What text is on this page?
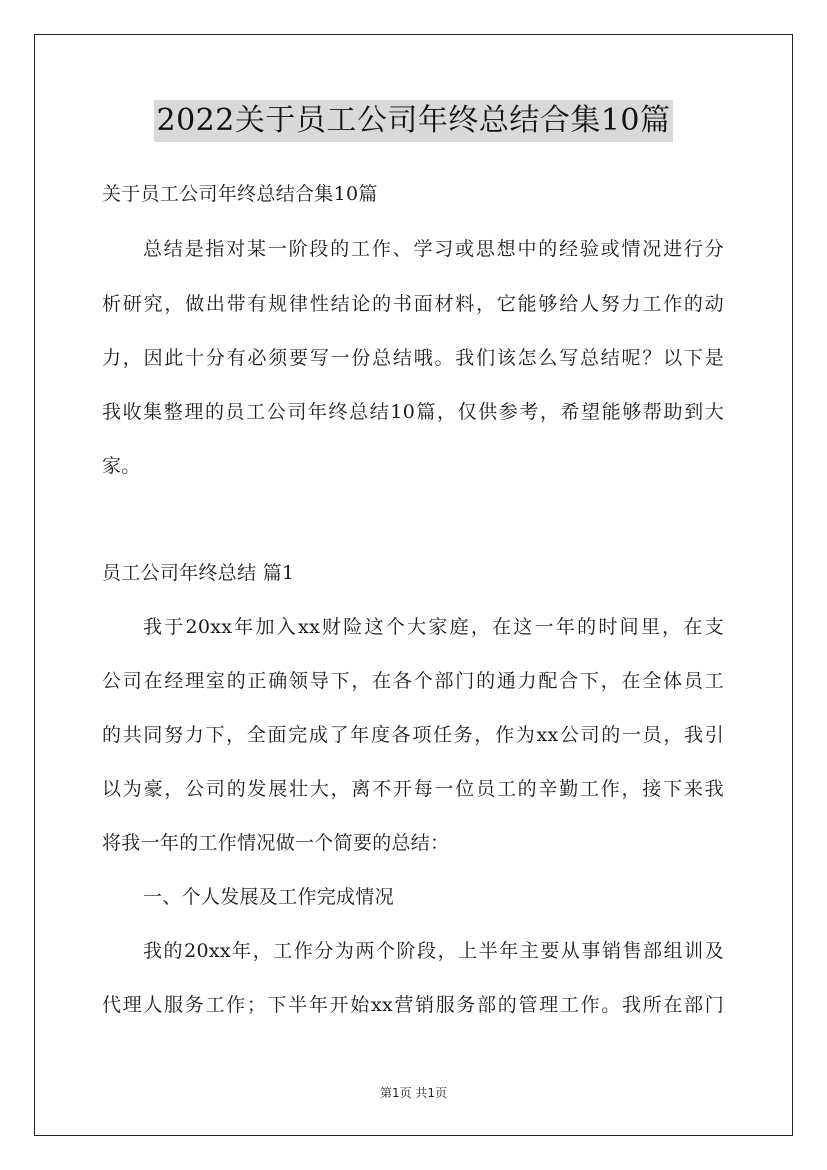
2022关于员工公司年终总结合集10篇
关于员工公司年终总结合集10篇
总结是指对某一阶段的工作、学习或思想中的经验或情况进行分
析研究，做出带有规律性结论的书面材料，它能够给人努力工作的动
力，因此十分有必须要写一份总结哦。我们该怎么写总结呢？以下是
我收集整理的员工公司年终总结10篇，仅供参考，希望能够帮助到大
家。
员工公司年终总结 篇1
我于20xx年加入xx财险这个大家庭，在这一年的时间里，在支
公司在经理室的正确领导下，在各个部门的通力配合下，在全体员工
的共同努力下，全面完成了年度各项任务，作为xx公司的一员，我引
以为豪，公司的发展壮大，离不开每一位员工的辛勤工作，接下来我
将我一年的工作情况做一个简要的总结：
一、个人发展及工作完成情况
我的20xx年，工作分为两个阶段，上半年主要从事销售部组训及
代理人服务工作；下半年开始xx营销服务部的管理工作。我所在部门
第1页 共1页
